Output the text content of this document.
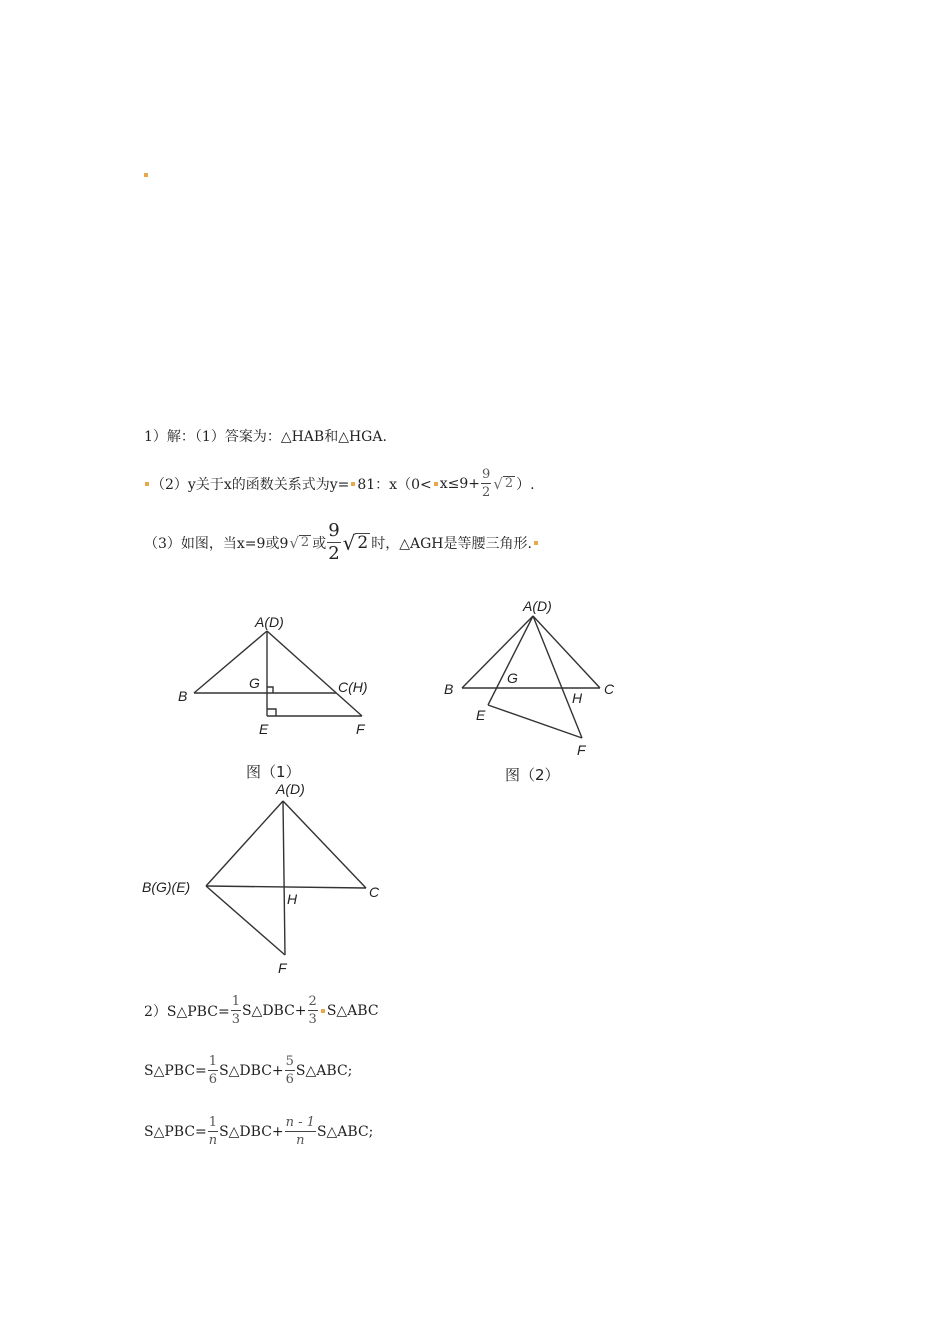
1）解：（1）答案为：△HAB和△HGA.
（2）y关于x的函数关系式为y= 81：$x(0< x\le 9+ \frac{9}{2}$ √ 2 ）.
（3）如图，当x=9或9 √ 2 或 $\frac{9}{2}$ √ 2 时，△AGH是等腰三角形.
A(D)
B
G	C(H)
E	F
图（1）
A(D)
B
G
C
H
E
F
图（2）
A(D)
B(G)(E)
H	C
F
2）S△PBC= $\frac{1}{3}$ S△DBC+ $\frac{2}{3}$ S△ABC
S△PBC= $\frac{1}{6}$ S△DBC+ $\frac{5}{6}$ S△ABC;
S△PBC= $\frac{1}{n}$ S△DBC+ $\frac{n - 1}{n}$ S△ABC;
